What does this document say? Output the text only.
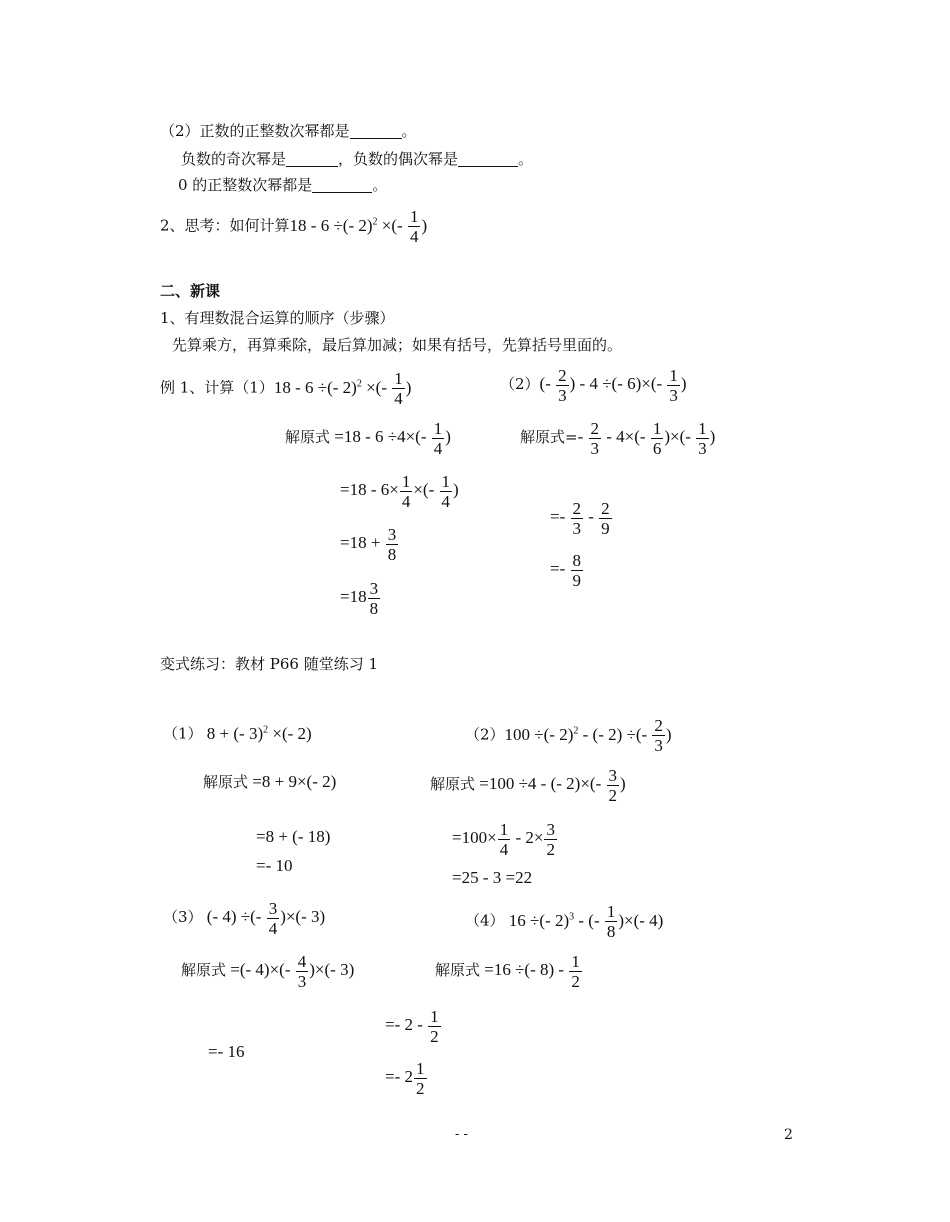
（2）正数的正整数次幂都是	。
负数的奇次幂是	，负数的偶次幂是	。
0 的正整数次幂都是	。
2、思考：如何计算18 - 6 ÷(- 2)$^2$ ×(- $\frac{1}{4}$ )
二、新课
1、有理数混合运算的顺序（步骤）
先算乘方，再算乘除，最后算加减；如果有括号，先算括号里面的。
例 1、计算（1）18 - 6 ÷(- 2)$^2$ ×(- $\frac{1}{4}$ )	$(2)(- \frac{2}{3}$ ) - 4 ÷(- $6)\times(- \frac{1}{3}$ )
解原式 $=18 - 6 \div 4\times(- \frac{1}{4}$ )	解原式=- $\frac{2}{3} - 4\times(- \frac{1}{6}$ )×(- $\frac{1}{3}$ )
$=18 - 6\times \frac{1}{4}$ ×(- $\frac{1}{4}$ )
=- $\frac{2}{3} - \frac{2}{9}$
$=18 + \frac{3}{8}$
=- $\frac{8}{9}$
$=18 \frac{3}{8}$
变式练习：教材 P66 随堂练习 1
（1） 8 + (- 3)$^2$ ×(- 2)	（2）100 ÷(- 2)$^2$ - (- 2) ÷(- $\frac{2}{3}$ )
解原式 =8 + 9×(- 2)	解原式 =100 ÷4 - (- $2)\times(- \frac{3}{2}$ )
=8 + (- 18)	$=100\times \frac{1}{4} - 2\times \frac{3}{2}$
=- 10
=25 - 3 =22
（3） (- 4) ÷(- $\frac{3}{4}$ )×(- 3)	（4） 16 ÷(- 2)$^3$ - (- $\frac{1}{8}$ )×(- 4)
解原式 =(- $4)\times(- \frac{4}{3}$ )×(- 3)	解原式 =16 ÷(- $8) - \frac{1}{2}$
=- $2 - \frac{1}{2}$
=- 16
=- $2 \frac{1}{2}$
- -	2
